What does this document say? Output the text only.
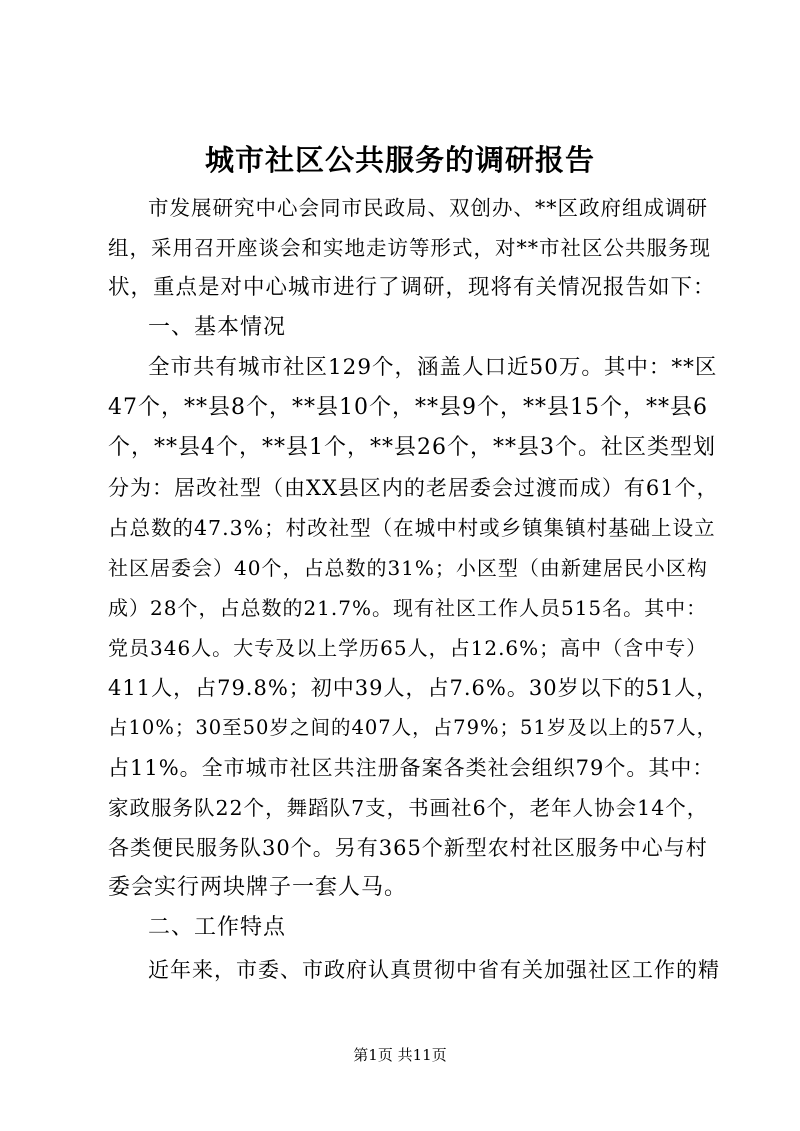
城市社区公共服务的调研报告
市发展研究中心会同市民政局、双创办、**区政府组成调研
组，采用召开座谈会和实地走访等形式，对**市社区公共服务现
状，重点是对中心城市进行了调研，现将有关情况报告如下：
一、基本情况
全市共有城市社区129个，涵盖人口近50万。其中：**区
47个，**县8个，**县10个，**县9个，**县15个，**县6
个，**县4个，**县1个，**县26个，**县3个。社区类型划
分为：居改社型（由XX县区内的老居委会过渡而成）有61个，
占总数的47.3%；村改社型（在城中村或乡镇集镇村基础上设立
社区居委会）40个，占总数的31%；小区型（由新建居民小区构
成）28个，占总数的21.7%。现有社区工作人员515名。其中：
党员346人。大专及以上学历65人，占12.6%；高中（含中专）
411人，占79.8%；初中39人，占7.6%。30岁以下的51人，
占10%；30至50岁之间的407人，占79%；51岁及以上的57人，
占11%。全市城市社区共注册备案各类社会组织79个。其中：
家政服务队22个，舞蹈队7支，书画社6个，老年人协会14个，
各类便民服务队30个。另有365个新型农村社区服务中心与村
委会实行两块牌子一套人马。
二、工作特点
近年来，市委、市政府认真贯彻中省有关加强社区工作的精
第1页 共11页
